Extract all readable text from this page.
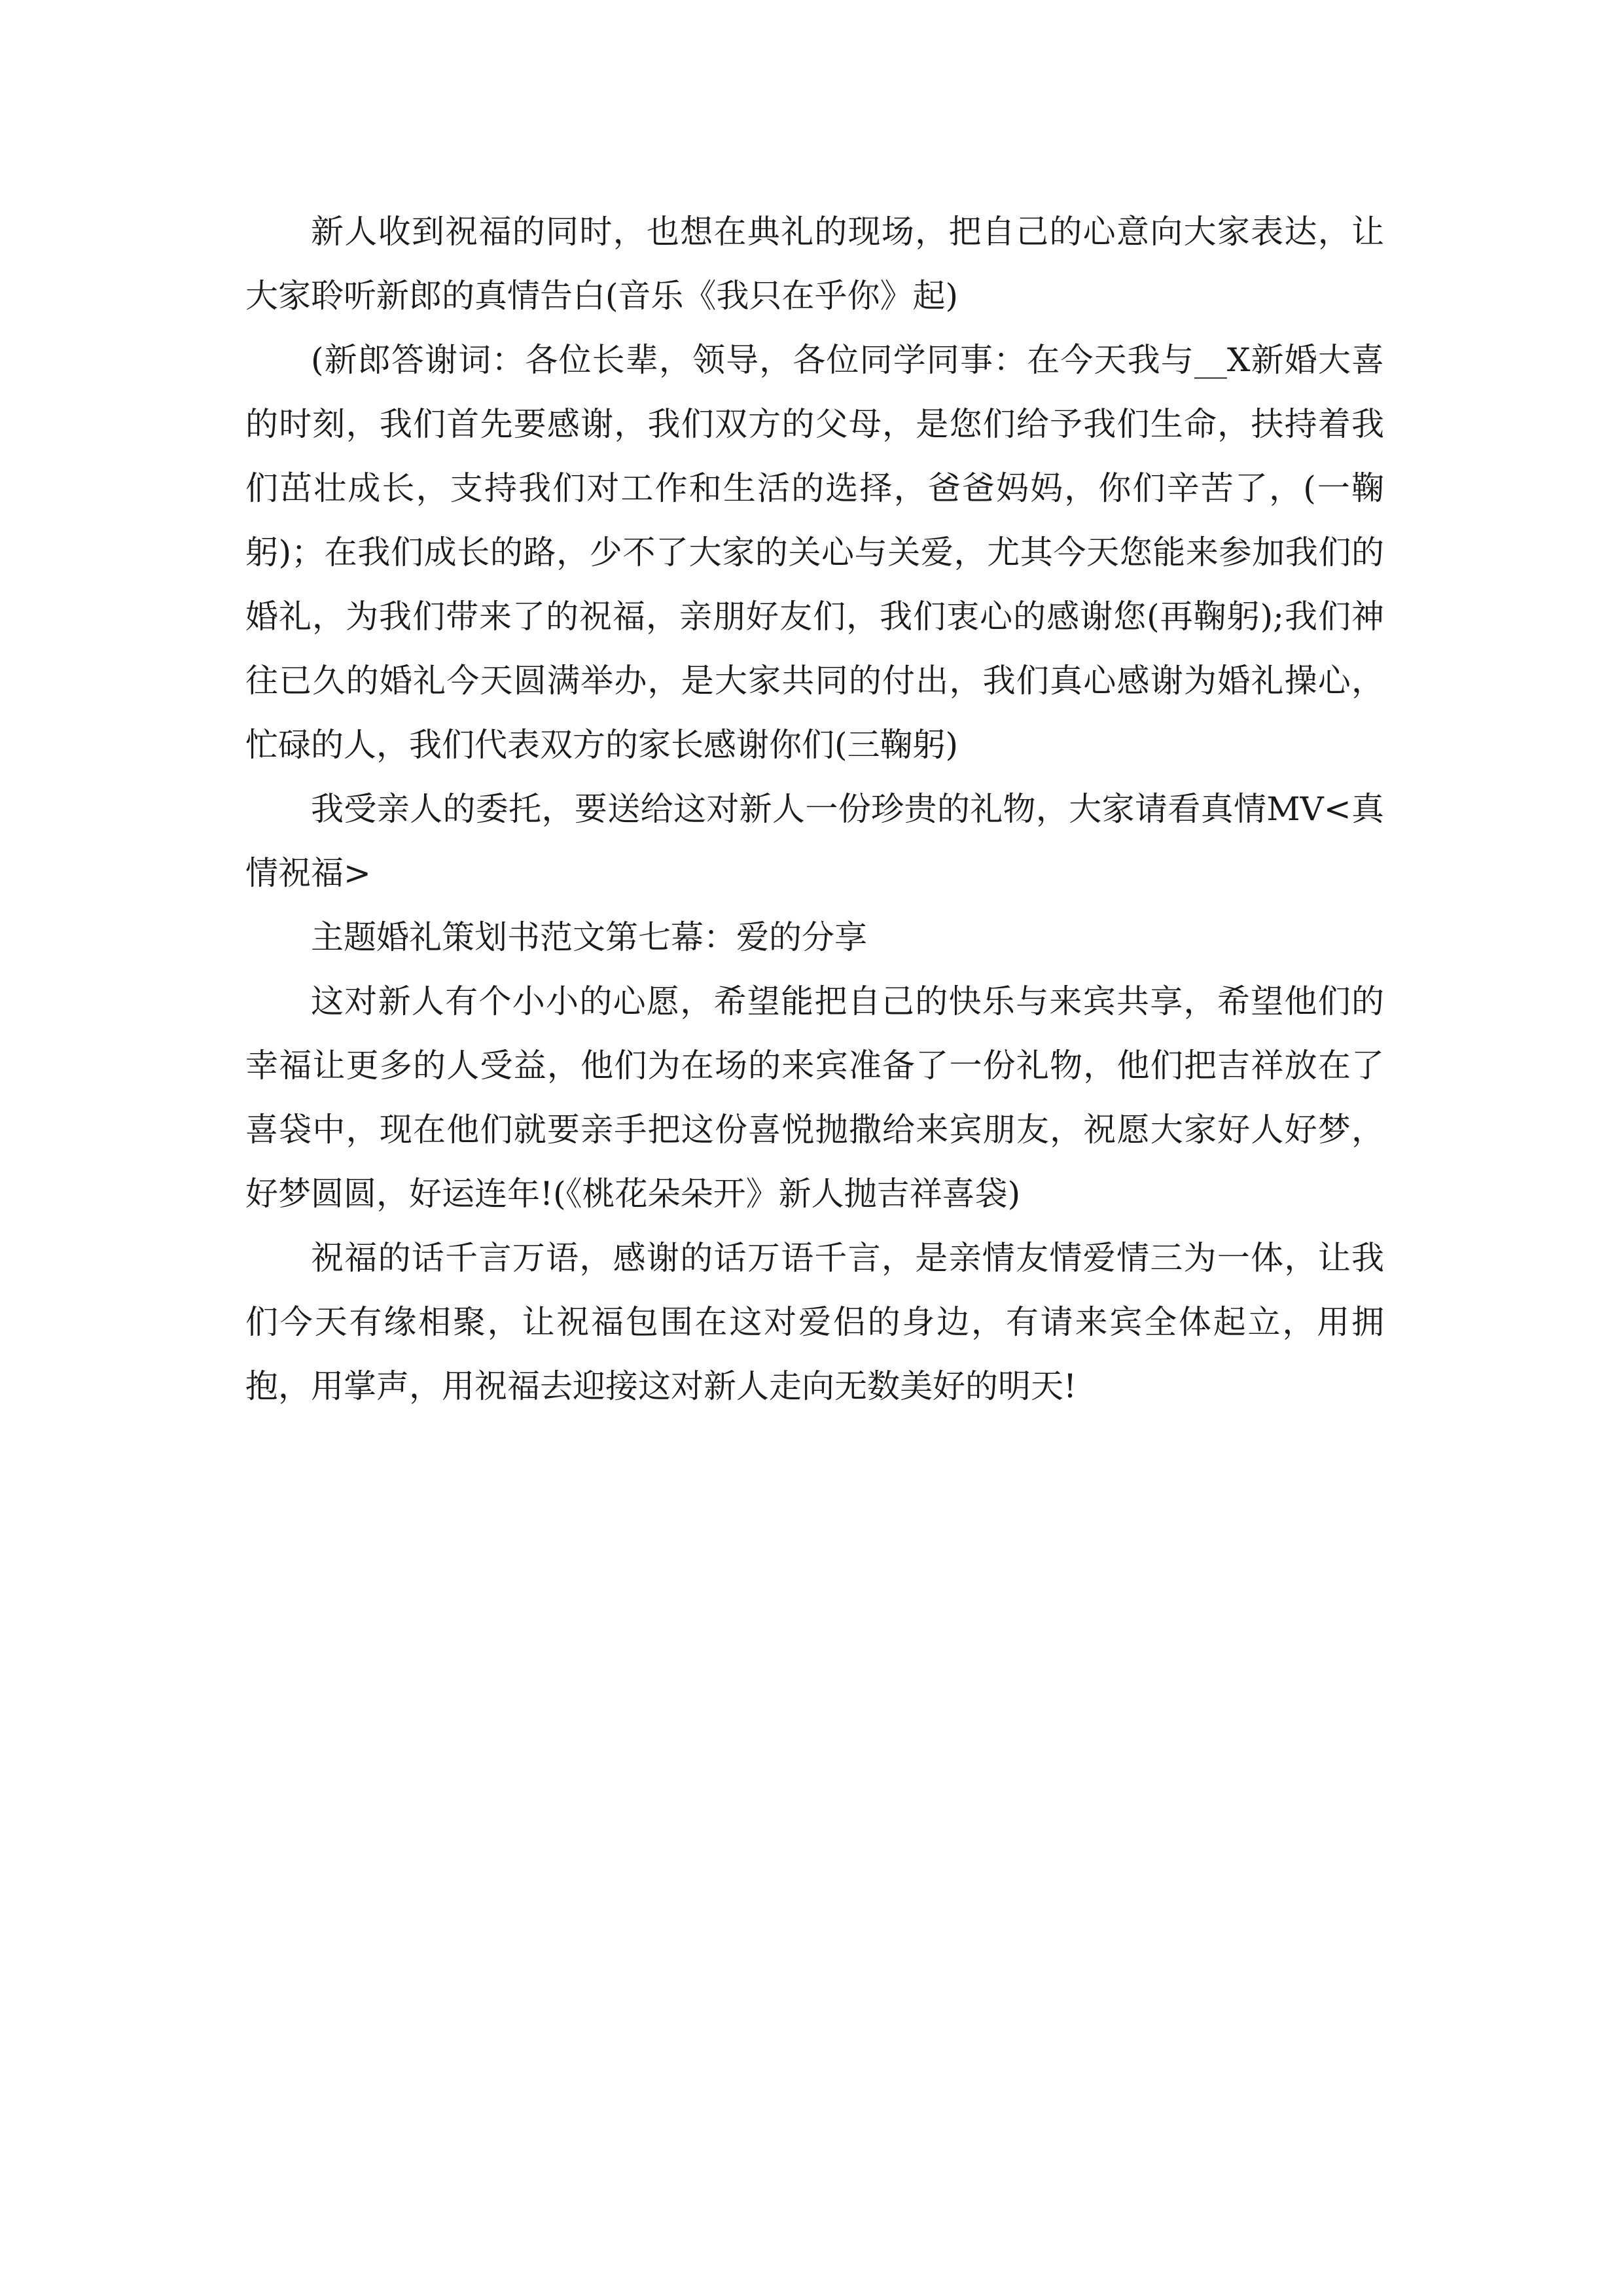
新人收到祝福的同时，也想在典礼的现场，把自己的心意向大家表达，让大家聆听新郎的真情告白(音乐《我只在乎你》起)

(新郎答谢词：各位长辈，领导，各位同学同事：在今天我与__X新婚大喜的时刻，我们首先要感谢，我们双方的父母，是您们给予我们生命，扶持着我们茁壮成长，支持我们对工作和生活的选择，爸爸妈妈，你们辛苦了，(一鞠躬)；在我们成长的路，少不了大家的关心与关爱，尤其今天您能来参加我们的婚礼，为我们带来了的祝福，亲朋好友们，我们衷心的感谢您(再鞠躬);我们神往已久的婚礼今天圆满举办，是大家共同的付出，我们真心感谢为婚礼操心，忙碌的人，我们代表双方的家长感谢你们(三鞠躬)

我受亲人的委托，要送给这对新人一份珍贵的礼物，大家请看真情MV<真情祝福>

主题婚礼策划书范文第七幕：爱的分享

这对新人有个小小的心愿，希望能把自己的快乐与来宾共享，希望他们的幸福让更多的人受益，他们为在场的来宾准备了一份礼物，他们把吉祥放在了喜袋中，现在他们就要亲手把这份喜悦抛撒给来宾朋友，祝愿大家好人好梦，好梦圆圆，好运连年!(《桃花朵朵开》新人抛吉祥喜袋)

祝福的话千言万语，感谢的话万语千言，是亲情友情爱情三为一体，让我们今天有缘相聚，让祝福包围在这对爱侣的身边，有请来宾全体起立，用拥抱，用掌声，用祝福去迎接这对新人走向无数美好的明天!
